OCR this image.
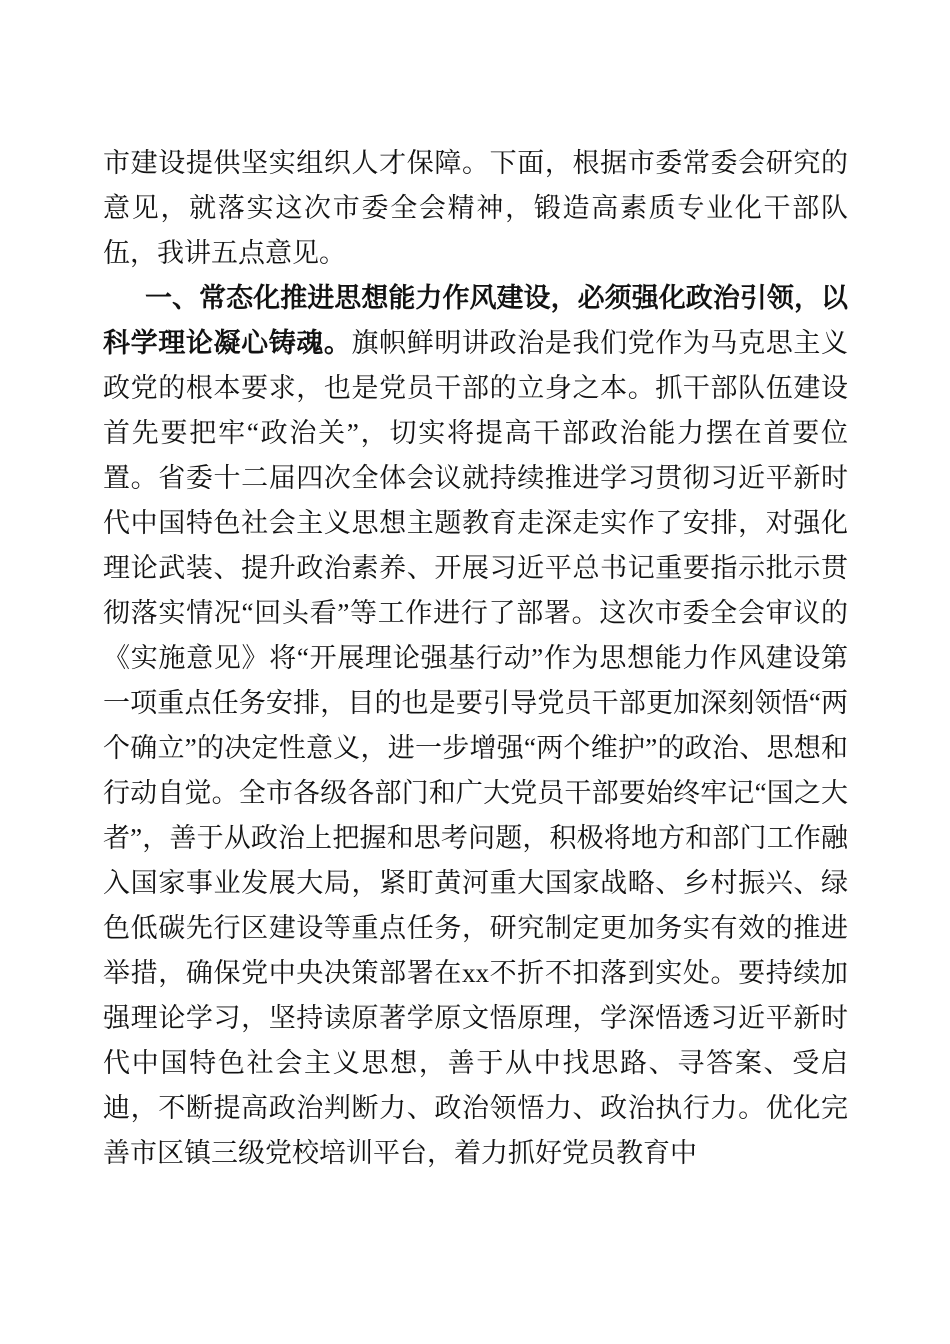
市建设提供坚实组织人才保障。下面，根据市委常委会研究的意见，就落实这次市委全会精神，锻造高素质专业化干部队伍，我讲五点意见。

一、常态化推进思想能力作风建设，必须强化政治引领，以科学理论凝心铸魂。旗帜鲜明讲政治是我们党作为马克思主义政党的根本要求，也是党员干部的立身之本。抓干部队伍建设首先要把牢“政治关”，切实将提高干部政治能力摆在首要位置。省委十二届四次全体会议就持续推进学习贯彻习近平新时代中国特色社会主义思想主题教育走深走实作了安排，对强化理论武装、提升政治素养、开展习近平总书记重要指示批示贯彻落实情况“回头看”等工作进行了部署。这次市委全会审议的《实施意见》将“开展理论强基行动”作为思想能力作风建设第一项重点任务安排，目的也是要引导党员干部更加深刻领悟“两个确立”的决定性意义，进一步增强“两个维护”的政治、思想和行动自觉。全市各级各部门和广大党员干部要始终牢记“国之大者”，善于从政治上把握和思考问题，积极将地方和部门工作融入国家事业发展大局，紧盯黄河重大国家战略、乡村振兴、绿色低碳先行区建设等重点任务，研究制定更加务实有效的推进举措，确保党中央决策部署在xx不折不扣落到实处。要持续加强理论学习，坚持读原著学原文悟原理，学深悟透习近平新时代中国特色社会主义思想，善于从中找思路、寻答案、受启迪，不断提高政治判断力、政治领悟力、政治执行力。优化完善市区镇三级党校培训平台，着力抓好党员教育中
